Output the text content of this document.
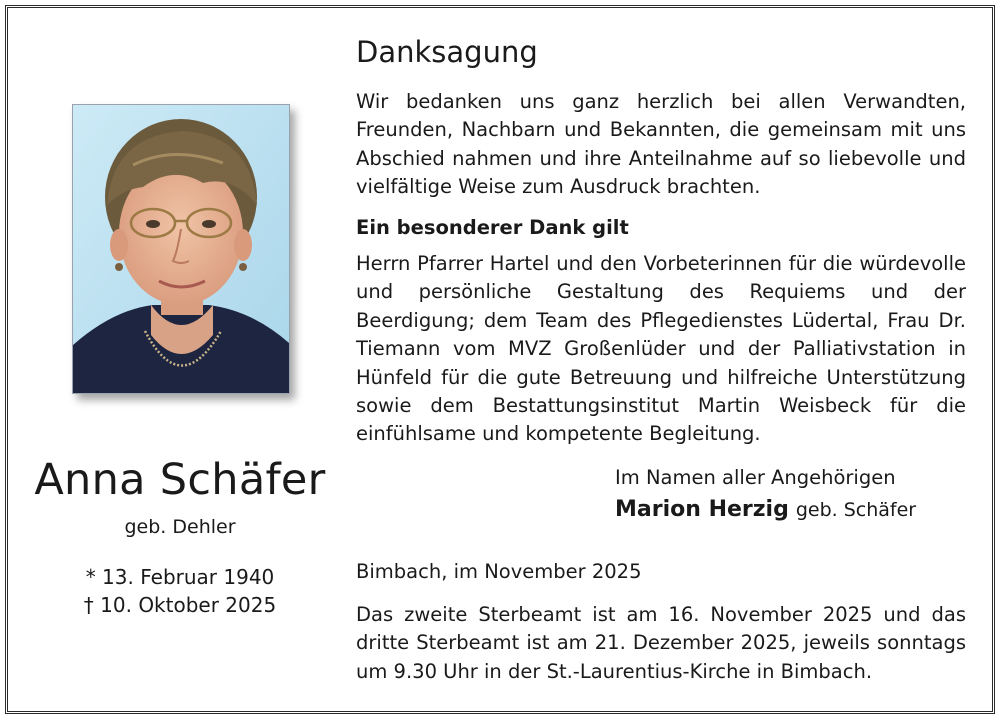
Anna Schäfer
geb. Dehler
* 13. Februar 1940
† 10. Oktober 2025
Danksagung
Wir bedanken uns ganz herzlich bei allen Verwandten, Freunden, Nachbarn und Bekannten, die gemeinsam mit uns Abschied nahmen und ihre Anteilnahme auf so liebevolle und vielfältige Weise zum Ausdruck brachten.
Ein besonderer Dank gilt
Herrn Pfarrer Hartel und den Vorbeterinnen für die würdevolle und persönliche Gestaltung des Requiems und der Beerdigung; dem Team des Pflegedienstes Lüdertal, Frau Dr. Tiemann vom MVZ Großenlüder und der Palliativstation in Hünfeld für die gute Betreuung und hilfreiche Unterstützung sowie dem Bestattungsinstitut Martin Weisbeck für die einfühlsame und kompetente Begleitung.
Im Namen aller Angehörigen
Marion Herzig geb. Schäfer
Bimbach, im November 2025
Das zweite Sterbeamt ist am 16. November 2025 und das dritte Sterbeamt ist am 21. Dezember 2025, jeweils sonntags um 9.30 Uhr in der St.-Laurentius-Kirche in Bimbach.
